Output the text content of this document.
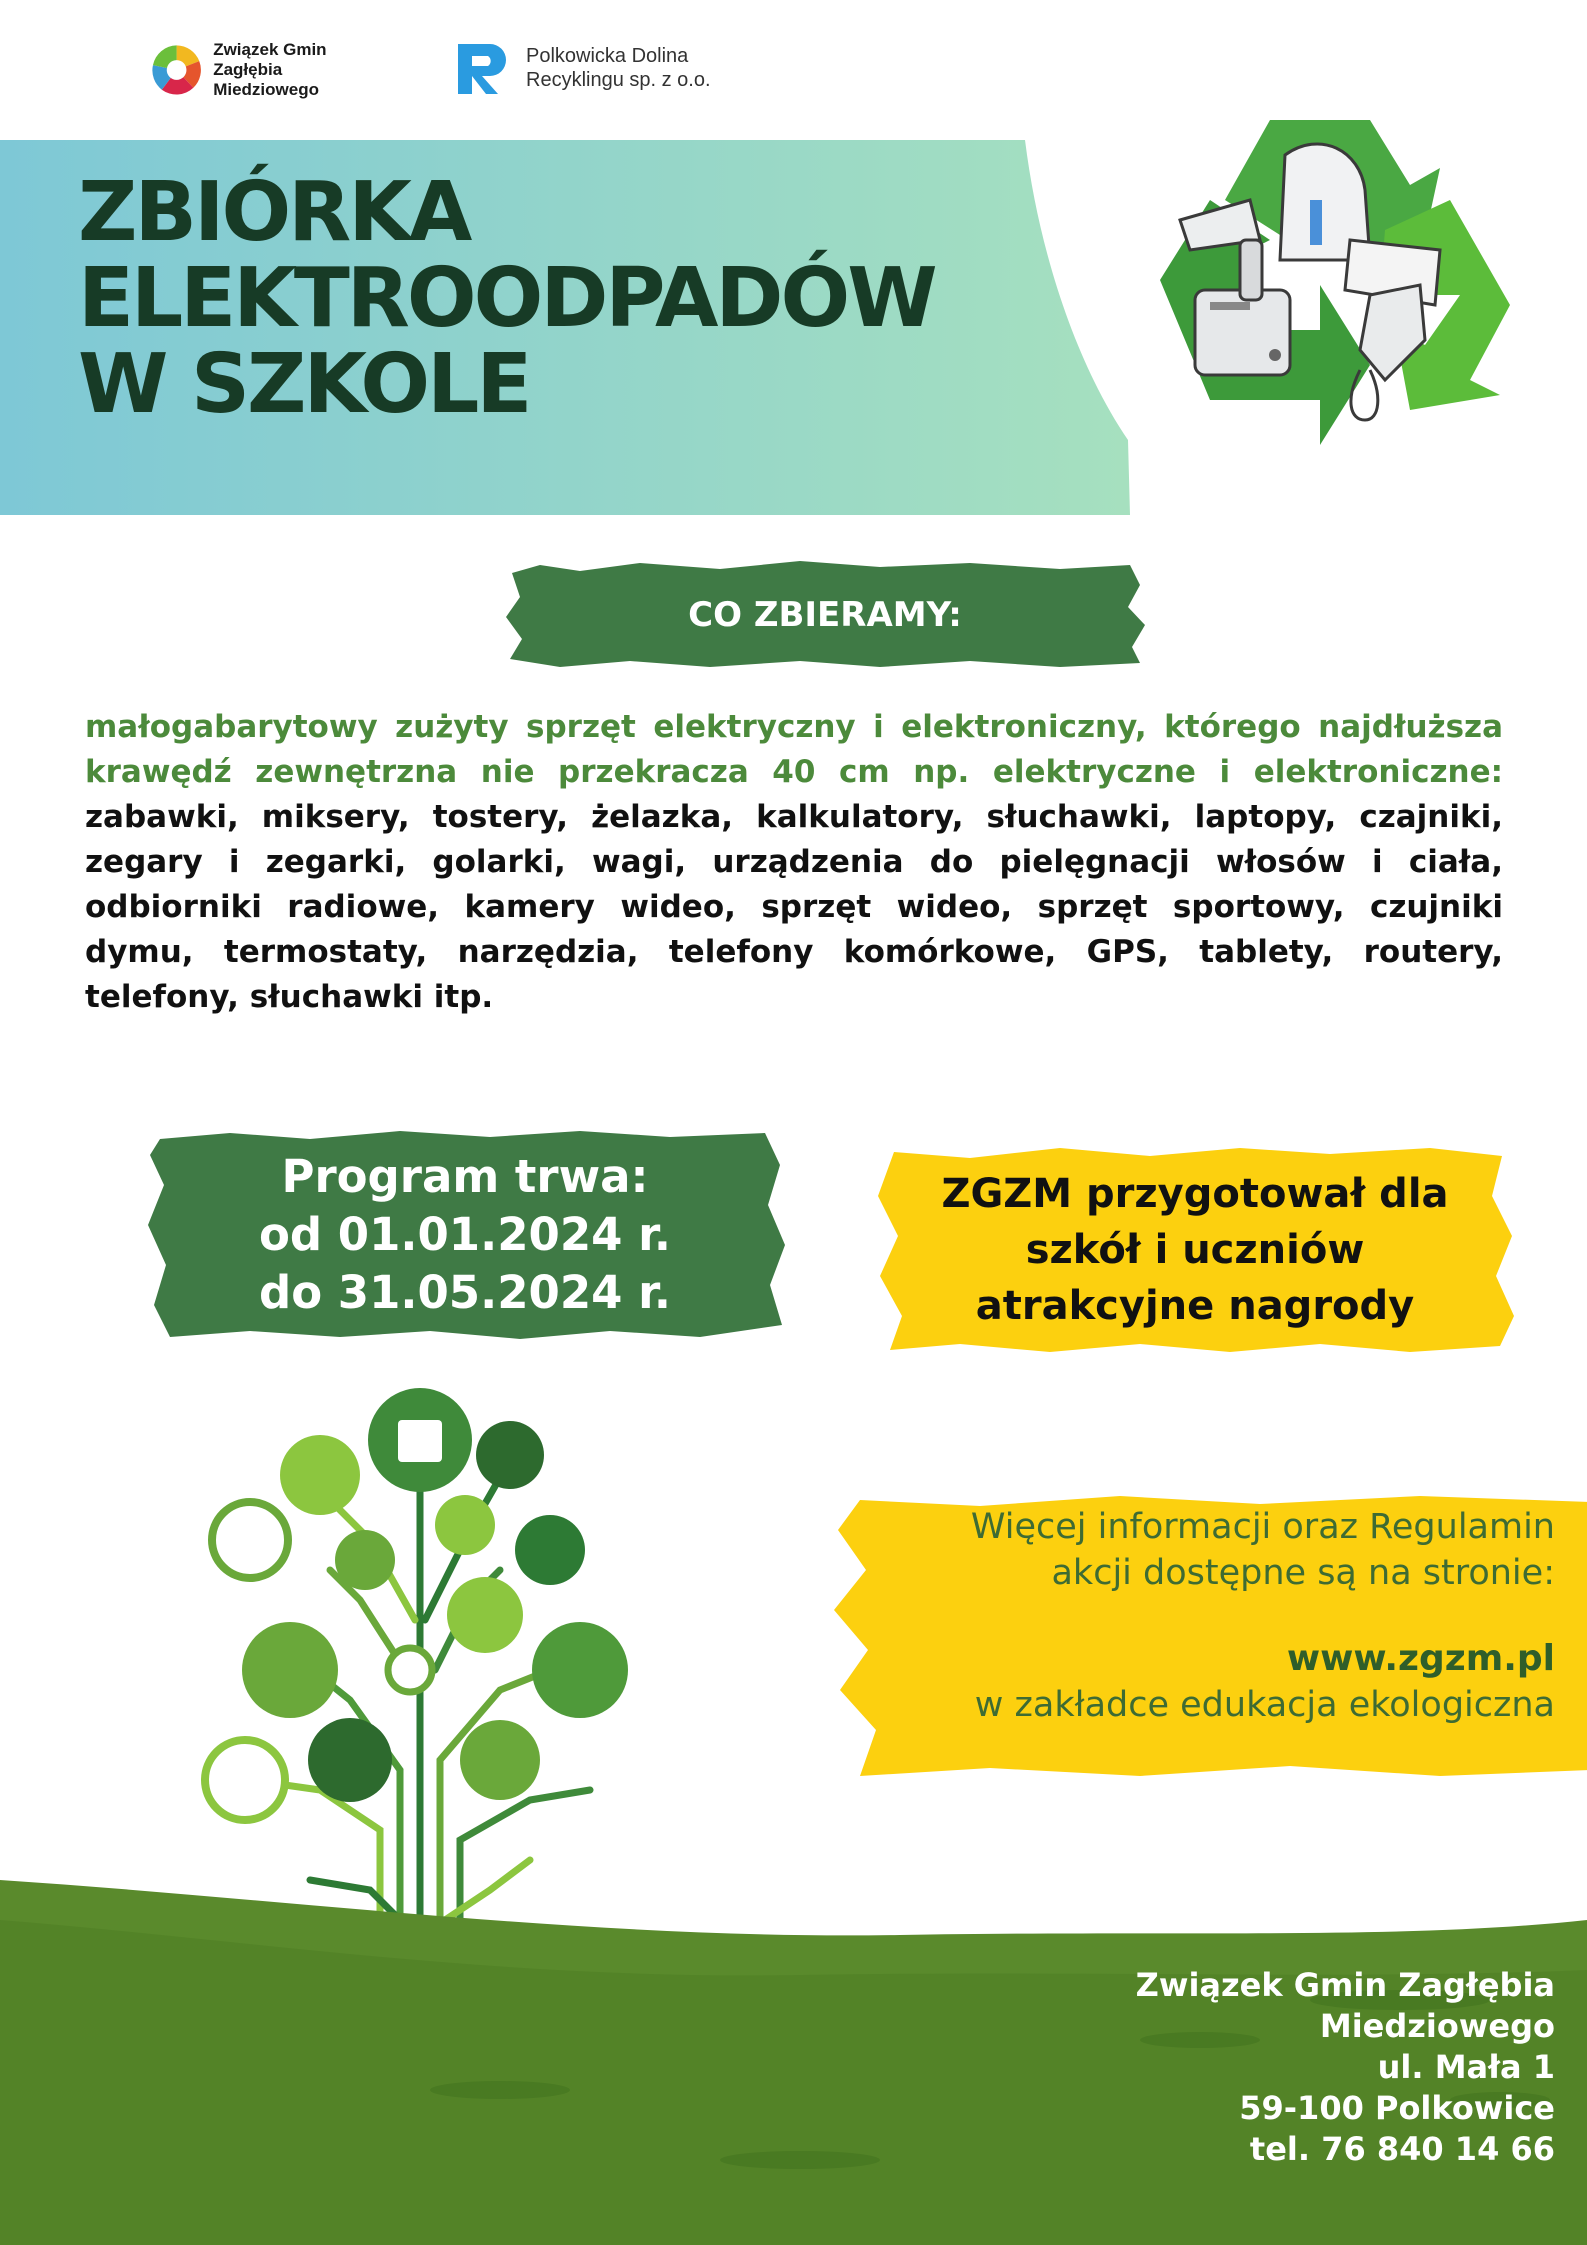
Związek Gmin
Zagłębia Miedziowego
Polkowicka Dolina
Recyklingu sp. z o.o.
ZBIÓRKA
ELEKTROODPADÓW
W SZKOLE
CO ZBIERAMY:
małogabarytowy zużyty sprzęt elektryczny i elektroniczny, którego najdłuższa krawędź zewnętrzna nie przekracza 40 cm np. elektryczne i elektroniczne: zabawki, miksery, tostery, żelazka, kalkulatory, słuchawki, laptopy, czajniki, zegary i zegarki, golarki, wagi, urządzenia do pielęgnacji włosów i ciała, odbiorniki radiowe, kamery wideo, sprzęt wideo, sprzęt sportowy, czujniki dymu, termostaty, narzędzia, telefony komórkowe, GPS, tablety, routery, telefony, słuchawki itp.
Program trwa:
od 01.01.2024 r.
do 31.05.2024 r.
ZGZM przygotował dla
szkół i uczniów
atrakcyjne nagrody
Więcej informacji oraz Regulamin
akcji dostępne są na stronie:
www.zgzm.pl
w zakładce edukacja ekologiczna
Związek Gmin Zagłębia
Miedziowego
ul. Mała 1
59-100 Polkowice
tel. 76 840 14 66
